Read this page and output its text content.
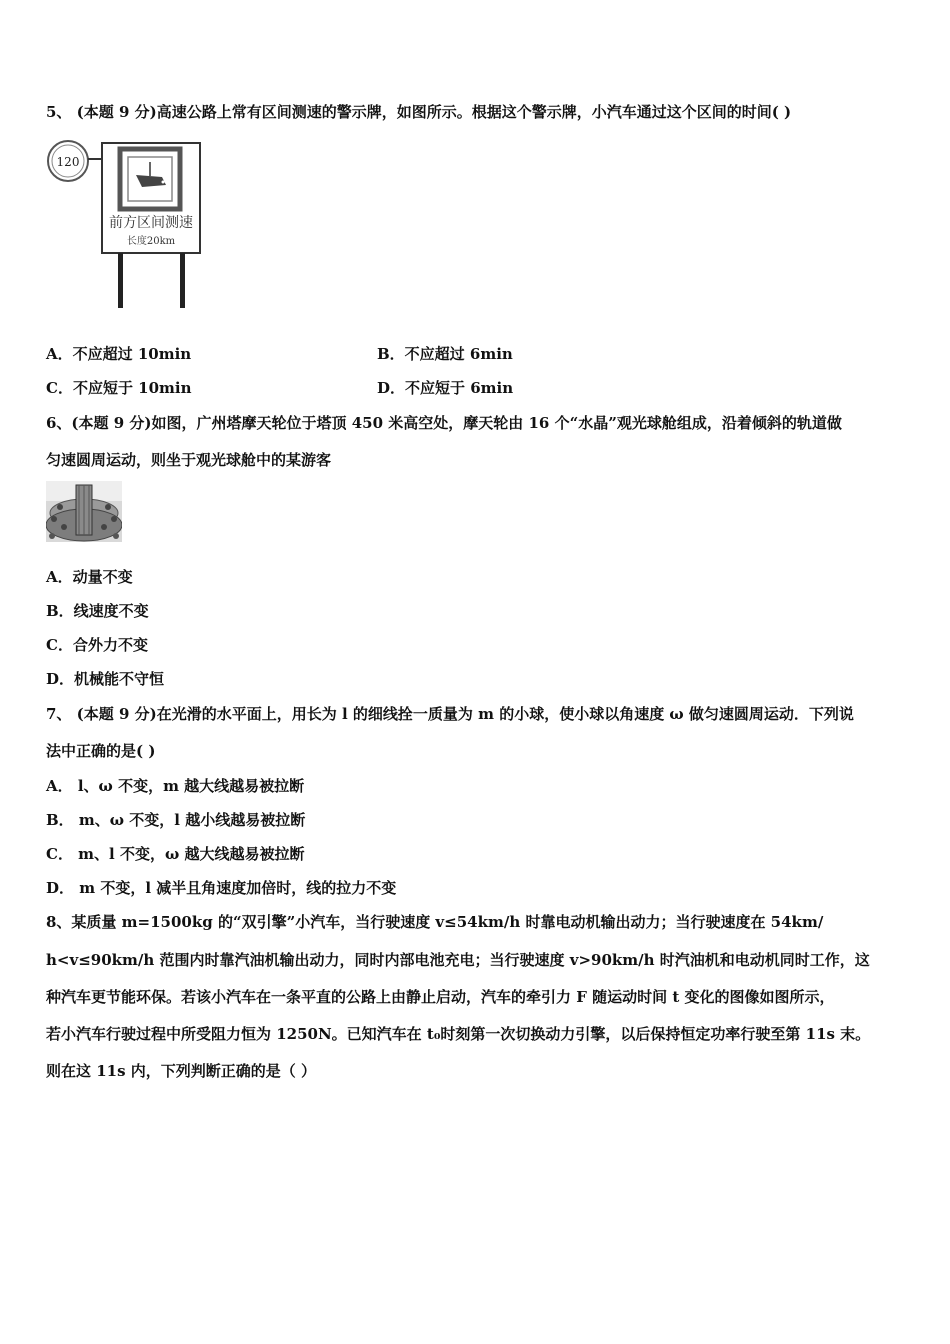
5、 (本题 9 分)高速公路上常有区间测速的警示牌，如图所示。根据这个警示牌，小汽车通过这个区间的时间( )
120
前方区间测速
长度20km
A．不应超过 10min	B．不应超过 6min
C．不应短于 10min	D．不应短于 6min
6、(本题 9 分)如图，广州塔摩天轮位于塔顶 450 米高空处，摩天轮由 16 个“水晶”观光球舱组成，沿着倾斜的轨道做
匀速圆周运动，则坐于观光球舱中的某游客
A．动量不变
B．线速度不变
C．合外力不变
D．机械能不守恒
7、 (本题 9 分)在光滑的水平面上，用长为 l 的细线拴一质量为 m 的小球，使小球以角速度 ω 做匀速圆周运动．下列说
法中正确的是( )
A． l、ω 不变，m 越大线越易被拉断
B． m、ω 不变，l 越小线越易被拉断
C． m、l 不变，ω 越大线越易被拉断
D． m 不变，l 减半且角速度加倍时，线的拉力不变
8、某质量 m=1500kg 的“双引擎”小汽车，当行驶速度 v≤54km/h 时靠电动机输出动力；当行驶速度在 54km/
h<v≤90km/h 范围内时靠汽油机输出动力，同时内部电池充电；当行驶速度 v>90km/h 时汽油机和电动机同时工作，这
种汽车更节能环保。若该小汽车在一条平直的公路上由静止启动，汽车的牵引力 F 随运动时间 t 变化的图像如图所示，
若小汽车行驶过程中所受阻力恒为 1250N。已知汽车在 t₀时刻第一次切换动力引擎，以后保持恒定功率行驶至第 11s 末。
则在这 11s 内，下列判断正确的是（ ）
